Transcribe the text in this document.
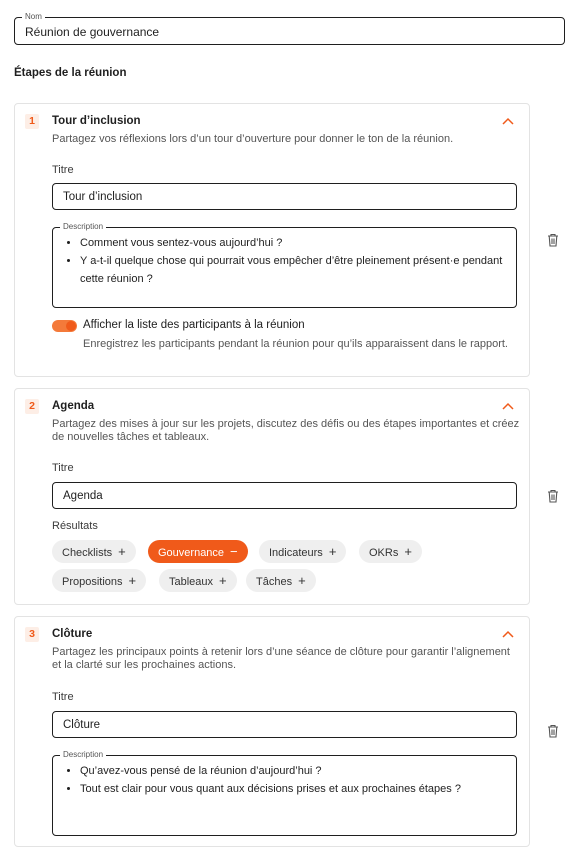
Nom
Réunion de gouvernance
Étapes de la réunion
1	Tour d’inclusion
Partagez vos réflexions lors d’un tour d’ouverture pour donner le ton de la réunion.
Titre
Tour d’inclusion
Description
• Comment vous sentez-vous aujourd’hui ?
• Y a-t-il quelque chose qui pourrait vous empêcher d’être pleinement présent·e pendant cette réunion ?
Afficher la liste des participants à la réunion
Enregistrez les participants pendant la réunion pour qu’ils apparaissent dans le rapport.
2	Agenda
Partagez des mises à jour sur les projets, discutez des défis ou des étapes importantes et créez de nouvelles tâches et tableaux.
Titre
Agenda
Résultats
Checklists +	Gouvernance −	Indicateurs +	OKRs +
Propositions +	Tableaux +	Tâches +
3	Clôture
Partagez les principaux points à retenir lors d’une séance de clôture pour garantir l’alignement et la clarté sur les prochaines actions.
Titre
Clôture
Description
• Qu’avez-vous pensé de la réunion d’aujourd’hui ?
• Tout est clair pour vous quant aux décisions prises et aux prochaines étapes ?
